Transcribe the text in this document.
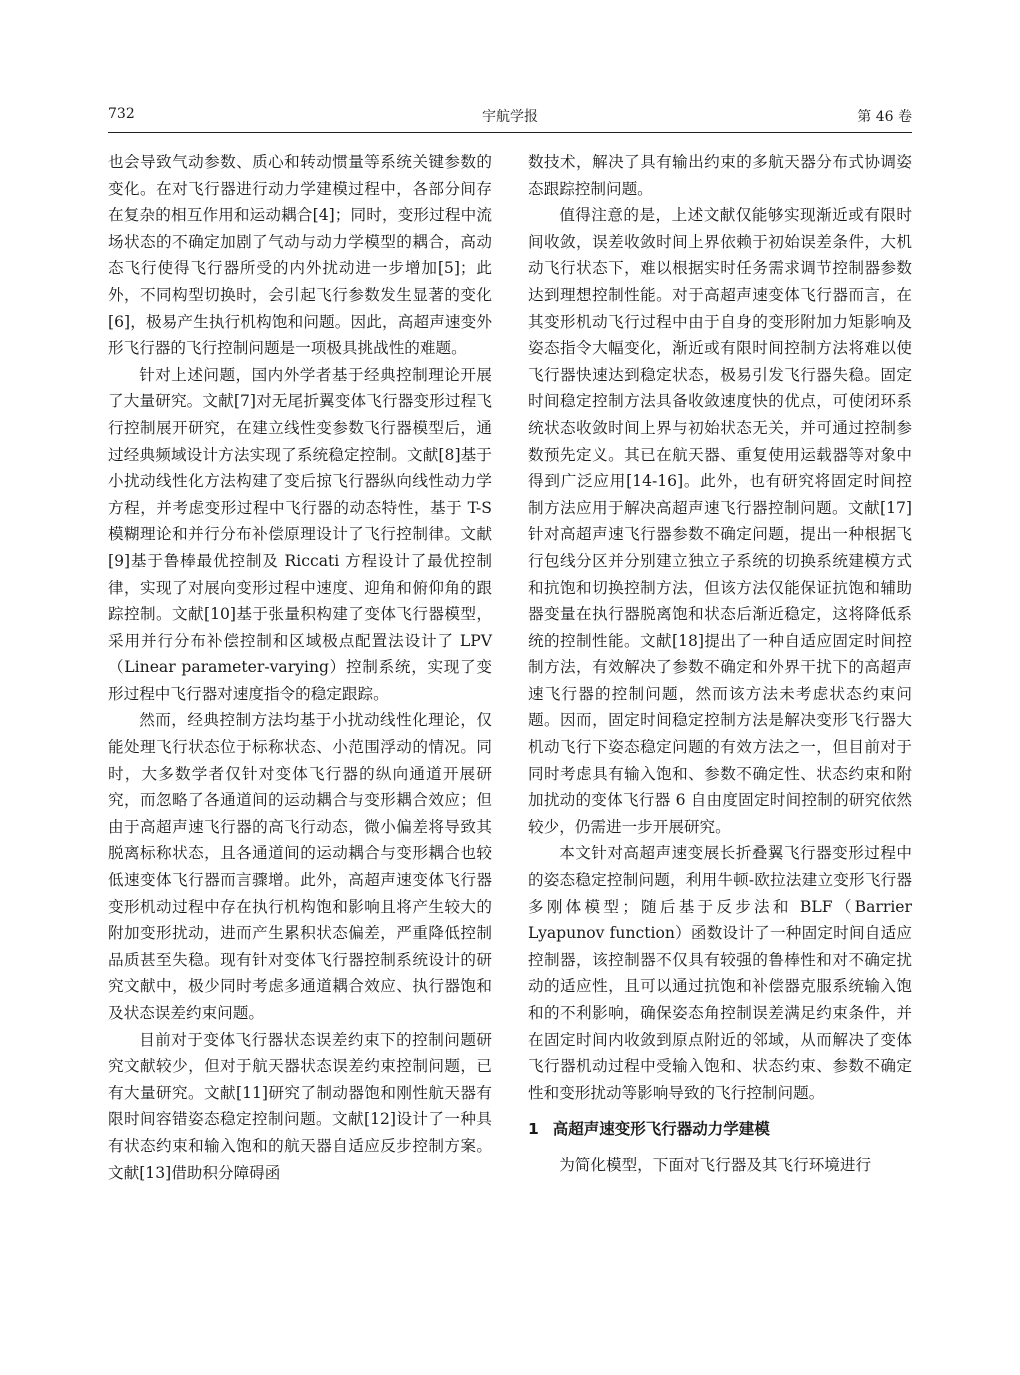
732	宇航学报	第 46 卷

也会导致气动参数、质心和转动惯量等系统关键参数的变化。在对飞行器进行动力学建模过程中，各部分间存在复杂的相互作用和运动耦合[4]；同时，变形过程中流场状态的不确定加剧了气动与动力学模型的耦合，高动态飞行使得飞行器所受的内外扰动进一步增加[5]；此外，不同构型切换时，会引起飞行参数发生显著的变化[6]，极易产生执行机构饱和问题。因此，高超声速变外形飞行器的飞行控制问题是一项极具挑战性的难题。

针对上述问题，国内外学者基于经典控制理论开展了大量研究。文献[7]对无尾折翼变体飞行器变形过程飞行控制展开研究，在建立线性变参数飞行器模型后，通过经典频域设计方法实现了系统稳定控制。文献[8]基于小扰动线性化方法构建了变后掠飞行器纵向线性动力学方程，并考虑变形过程中飞行器的动态特性，基于 T-S 模糊理论和并行分布补偿原理设计了飞行控制律。文献[9]基于鲁棒最优控制及 Riccati 方程设计了最优控制律，实现了对展向变形过程中速度、迎角和俯仰角的跟踪控制。文献[10]基于张量积构建了变体飞行器模型，采用并行分布补偿控制和区域极点配置法设计了 LPV（Linear parameter-varying）控制系统，实现了变形过程中飞行器对速度指令的稳定跟踪。

然而，经典控制方法均基于小扰动线性化理论，仅能处理飞行状态位于标称状态、小范围浮动的情况。同时，大多数学者仅针对变体飞行器的纵向通道开展研究，而忽略了各通道间的运动耦合与变形耦合效应；但由于高超声速飞行器的高飞行动态，微小偏差将导致其脱离标称状态，且各通道间的运动耦合与变形耦合也较低速变体飞行器而言骤增。此外，高超声速变体飞行器变形机动过程中存在执行机构饱和影响且将产生较大的附加变形扰动，进而产生累积状态偏差，严重降低控制品质甚至失稳。现有针对变体飞行器控制系统设计的研究文献中，极少同时考虑多通道耦合效应、执行器饱和及状态误差约束问题。

目前对于变体飞行器状态误差约束下的控制问题研究文献较少，但对于航天器状态误差约束控制问题，已有大量研究。文献[11]研究了制动器饱和刚性航天器有限时间容错姿态稳定控制问题。文献[12]设计了一种具有状态约束和输入饱和的航天器自适应反步控制方案。文献[13]借助积分障碍函

数技术，解决了具有输出约束的多航天器分布式协调姿态跟踪控制问题。

值得注意的是，上述文献仅能够实现渐近或有限时间收敛，误差收敛时间上界依赖于初始误差条件，大机动飞行状态下，难以根据实时任务需求调节控制器参数达到理想控制性能。对于高超声速变体飞行器而言，在其变形机动飞行过程中由于自身的变形附加力矩影响及姿态指令大幅变化，渐近或有限时间控制方法将难以使飞行器快速达到稳定状态，极易引发飞行器失稳。固定时间稳定控制方法具备收敛速度快的优点，可使闭环系统状态收敛时间上界与初始状态无关，并可通过控制参数预先定义。其已在航天器、重复使用运载器等对象中得到广泛应用[14-16]。此外，也有研究将固定时间控制方法应用于解决高超声速飞行器控制问题。文献[17]针对高超声速飞行器参数不确定问题，提出一种根据飞行包线分区并分别建立独立子系统的切换系统建模方式和抗饱和切换控制方法，但该方法仅能保证抗饱和辅助器变量在执行器脱离饱和状态后渐近稳定，这将降低系统的控制性能。文献[18]提出了一种自适应固定时间控制方法，有效解决了参数不确定和外界干扰下的高超声速飞行器的控制问题，然而该方法未考虑状态约束问题。因而，固定时间稳定控制方法是解决变形飞行器大机动飞行下姿态稳定问题的有效方法之一，但目前对于同时考虑具有输入饱和、参数不确定性、状态约束和附加扰动的变体飞行器 6 自由度固定时间控制的研究依然较少，仍需进一步开展研究。

本文针对高超声速变展长折叠翼飞行器变形过程中的姿态稳定控制问题，利用牛顿-欧拉法建立变形飞行器多刚体模型；随后基于反步法和 BLF（Barrier Lyapunov function）函数设计了一种固定时间自适应控制器，该控制器不仅具有较强的鲁棒性和对不确定扰动的适应性，且可以通过抗饱和补偿器克服系统输入饱和的不利影响，确保姿态角控制误差满足约束条件，并在固定时间内收敛到原点附近的邻域，从而解决了变体飞行器机动过程中受输入饱和、状态约束、参数不确定性和变形扰动等影响导致的飞行控制问题。

1 高超声速变形飞行器动力学建模

为简化模型，下面对飞行器及其飞行环境进行
